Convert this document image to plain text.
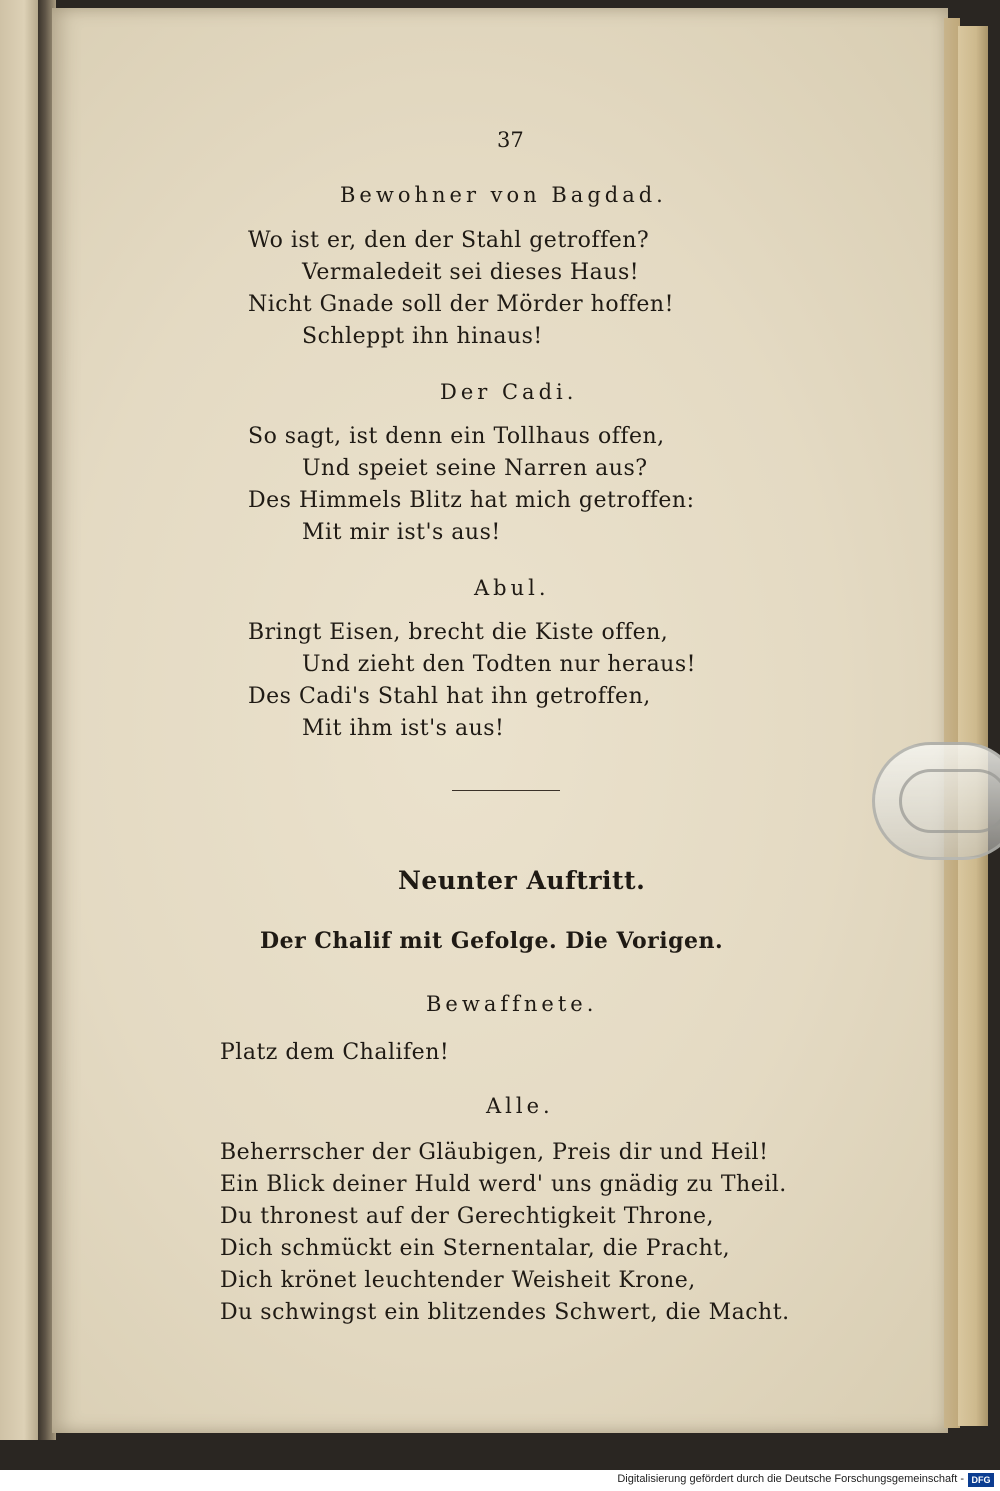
37

Bewohner von Bagdad.

Wo ist er, den der Stahl getroffen?

Vermaledeit sei dieses Haus!

Nicht Gnade soll der Mörder hoffen!

Schleppt ihn hinaus!

Der Cadi.

So sagt, ist denn ein Tollhaus offen,

Und speiet seine Narren aus?

Des Himmels Blitz hat mich getroffen:

Mit mir ist's aus!

Abul.

Bringt Eisen, brecht die Kiste offen,

Und zieht den Todten nur heraus!

Des Cadi's Stahl hat ihn getroffen,

Mit ihm ist's aus!

Neunter Auftritt.

Der Chalif mit Gefolge. Die Vorigen.

Bewaffnete.

Platz dem Chalifen!

Alle.

Beherrscher der Gläubigen, Preis dir und Heil!

Ein Blick deiner Huld werd' uns gnädig zu Theil.

Du thronest auf der Gerechtigkeit Throne,

Dich schmückt ein Sternentalar, die Pracht,

Dich krönet leuchtender Weisheit Krone,

Du schwingst ein blitzendes Schwert, die Macht.

Digitalisierung gefördert durch die Deutsche Forschungsgemeinschaft - DFG
